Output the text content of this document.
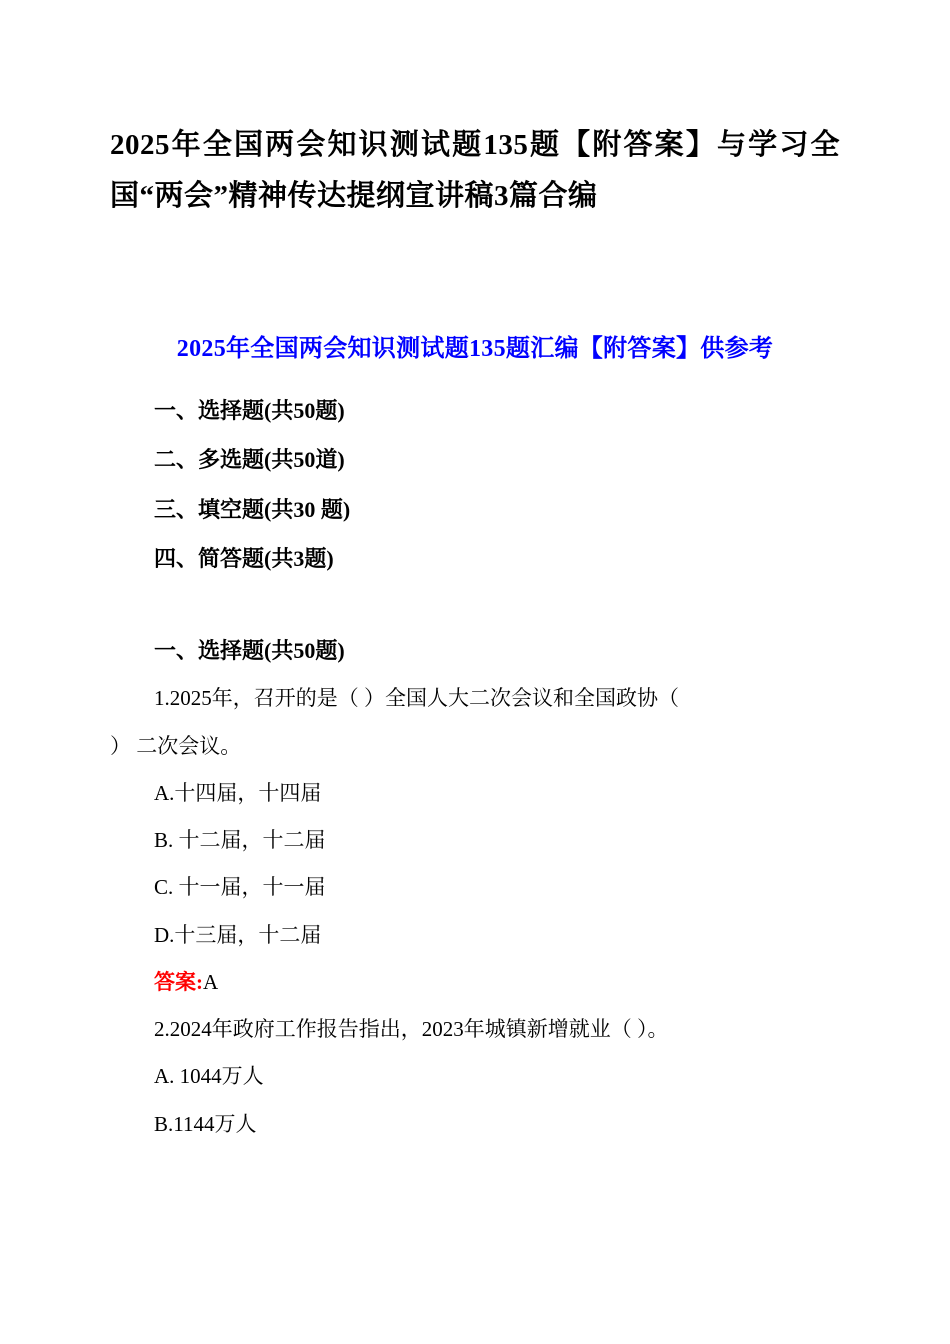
2025年全国两会知识测试题135题【附答案】与学习全国“两会”精神传达提纲宣讲稿3篇合编
2025年全国两会知识测试题135题汇编【附答案】供参考

一、选择题(共50题)

二、多选题(共50道)

三、填空题(共30 题)

四、简答题(共3题)

一、选择题(共50题)

1.2025年，召开的是（ ）全国人大二次会议和全国政协（

） 二次会议。

A.十四届，十四届

B. 十二届，十二届

C. 十一届，十一届

D.十三届，十二届

答案:A

2.2024年政府工作报告指出，2023年城镇新增就业（ ）。

A. 1044万人

B.1144万人
